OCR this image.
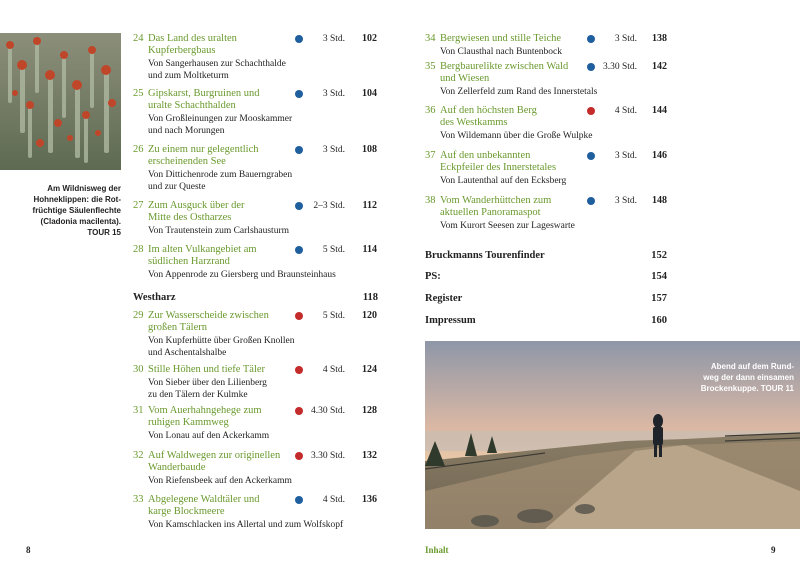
Am Wildnisweg der
Hohneklippen: die Rot-
früchtige Säulenflechte
(Cladonia macilenta).
TOUR 15
24 Das Land des uralten
Kupferbergbaus
Von Sangerhausen zur Schachthalde
und zum Moltketurm
3 Std.	102
25 Gipskarst, Burgruinen und
uralte Schachthalden
Von Großleinungen zur Mooskammer
und nach Morungen
3 Std.	104
26 Zu einem nur gelegentlich
erscheinenden See
Von Dittichenrode zum Bauerngraben
und zur Queste
3 Std.	108
27 Zum Ausguck über der
Mitte des Ostharzes
Von Trautenstein zum Carlshausturm
2–3 Std.	112
28 Im alten Vulkangebiet am
südlichen Harzrand
Von Appenrode zu Giersberg und Braunsteinhaus
5 Std.	114
Westharz	118
29 Zur Wasserscheide zwischen
großen Tälern
Von Kupferhütte über Großen Knollen
und Aschentalshalbe
5 Std.	120
30 Stille Höhen und tiefe Täler
Von Sieber über den Lilienberg
zu den Tälern der Kulmke
4 Std.	124
31 Vom Auerhahngehege zum
ruhigen Kammweg
Von Lonau auf den Ackerkamm
4.30 Std.	128
32 Auf Waldwegen zur originellen
Wanderbaude
Von Riefensbeek auf den Ackerkamm
3.30 Std.	132
33 Abgelegene Waldtäler und
karge Blockmeere
Von Kamschlacken ins Allertal und zum Wolfskopf
4 Std.	136
8
34 Bergwiesen und stille Teiche
Von Clausthal nach Buntenbock
3 Std.	138
35 Bergbaurelikte zwischen Wald
und Wiesen
Von Zellerfeld zum Rand des Innerstetals
3.30 Std.	142
36 Auf den höchsten Berg
des Westkamms
Von Wildemann über die Große Wulpke
4 Std.	144
37 Auf den unbekannten
Eckpfeiler des Innerstetales
Von Lautenthal auf den Ecksberg
3 Std.	146
38 Vom Wanderhüttchen zum
aktuellen Panoramaspot
Vom Kurort Seesen zur Lageswarte
3 Std.	148
Bruckmanns Tourenfinder	152
PS:	154
Register	157
Impressum	160
Abend auf dem Rund-
weg der dann einsamen
Brockenkuppe. TOUR 11
Inhalt	9
